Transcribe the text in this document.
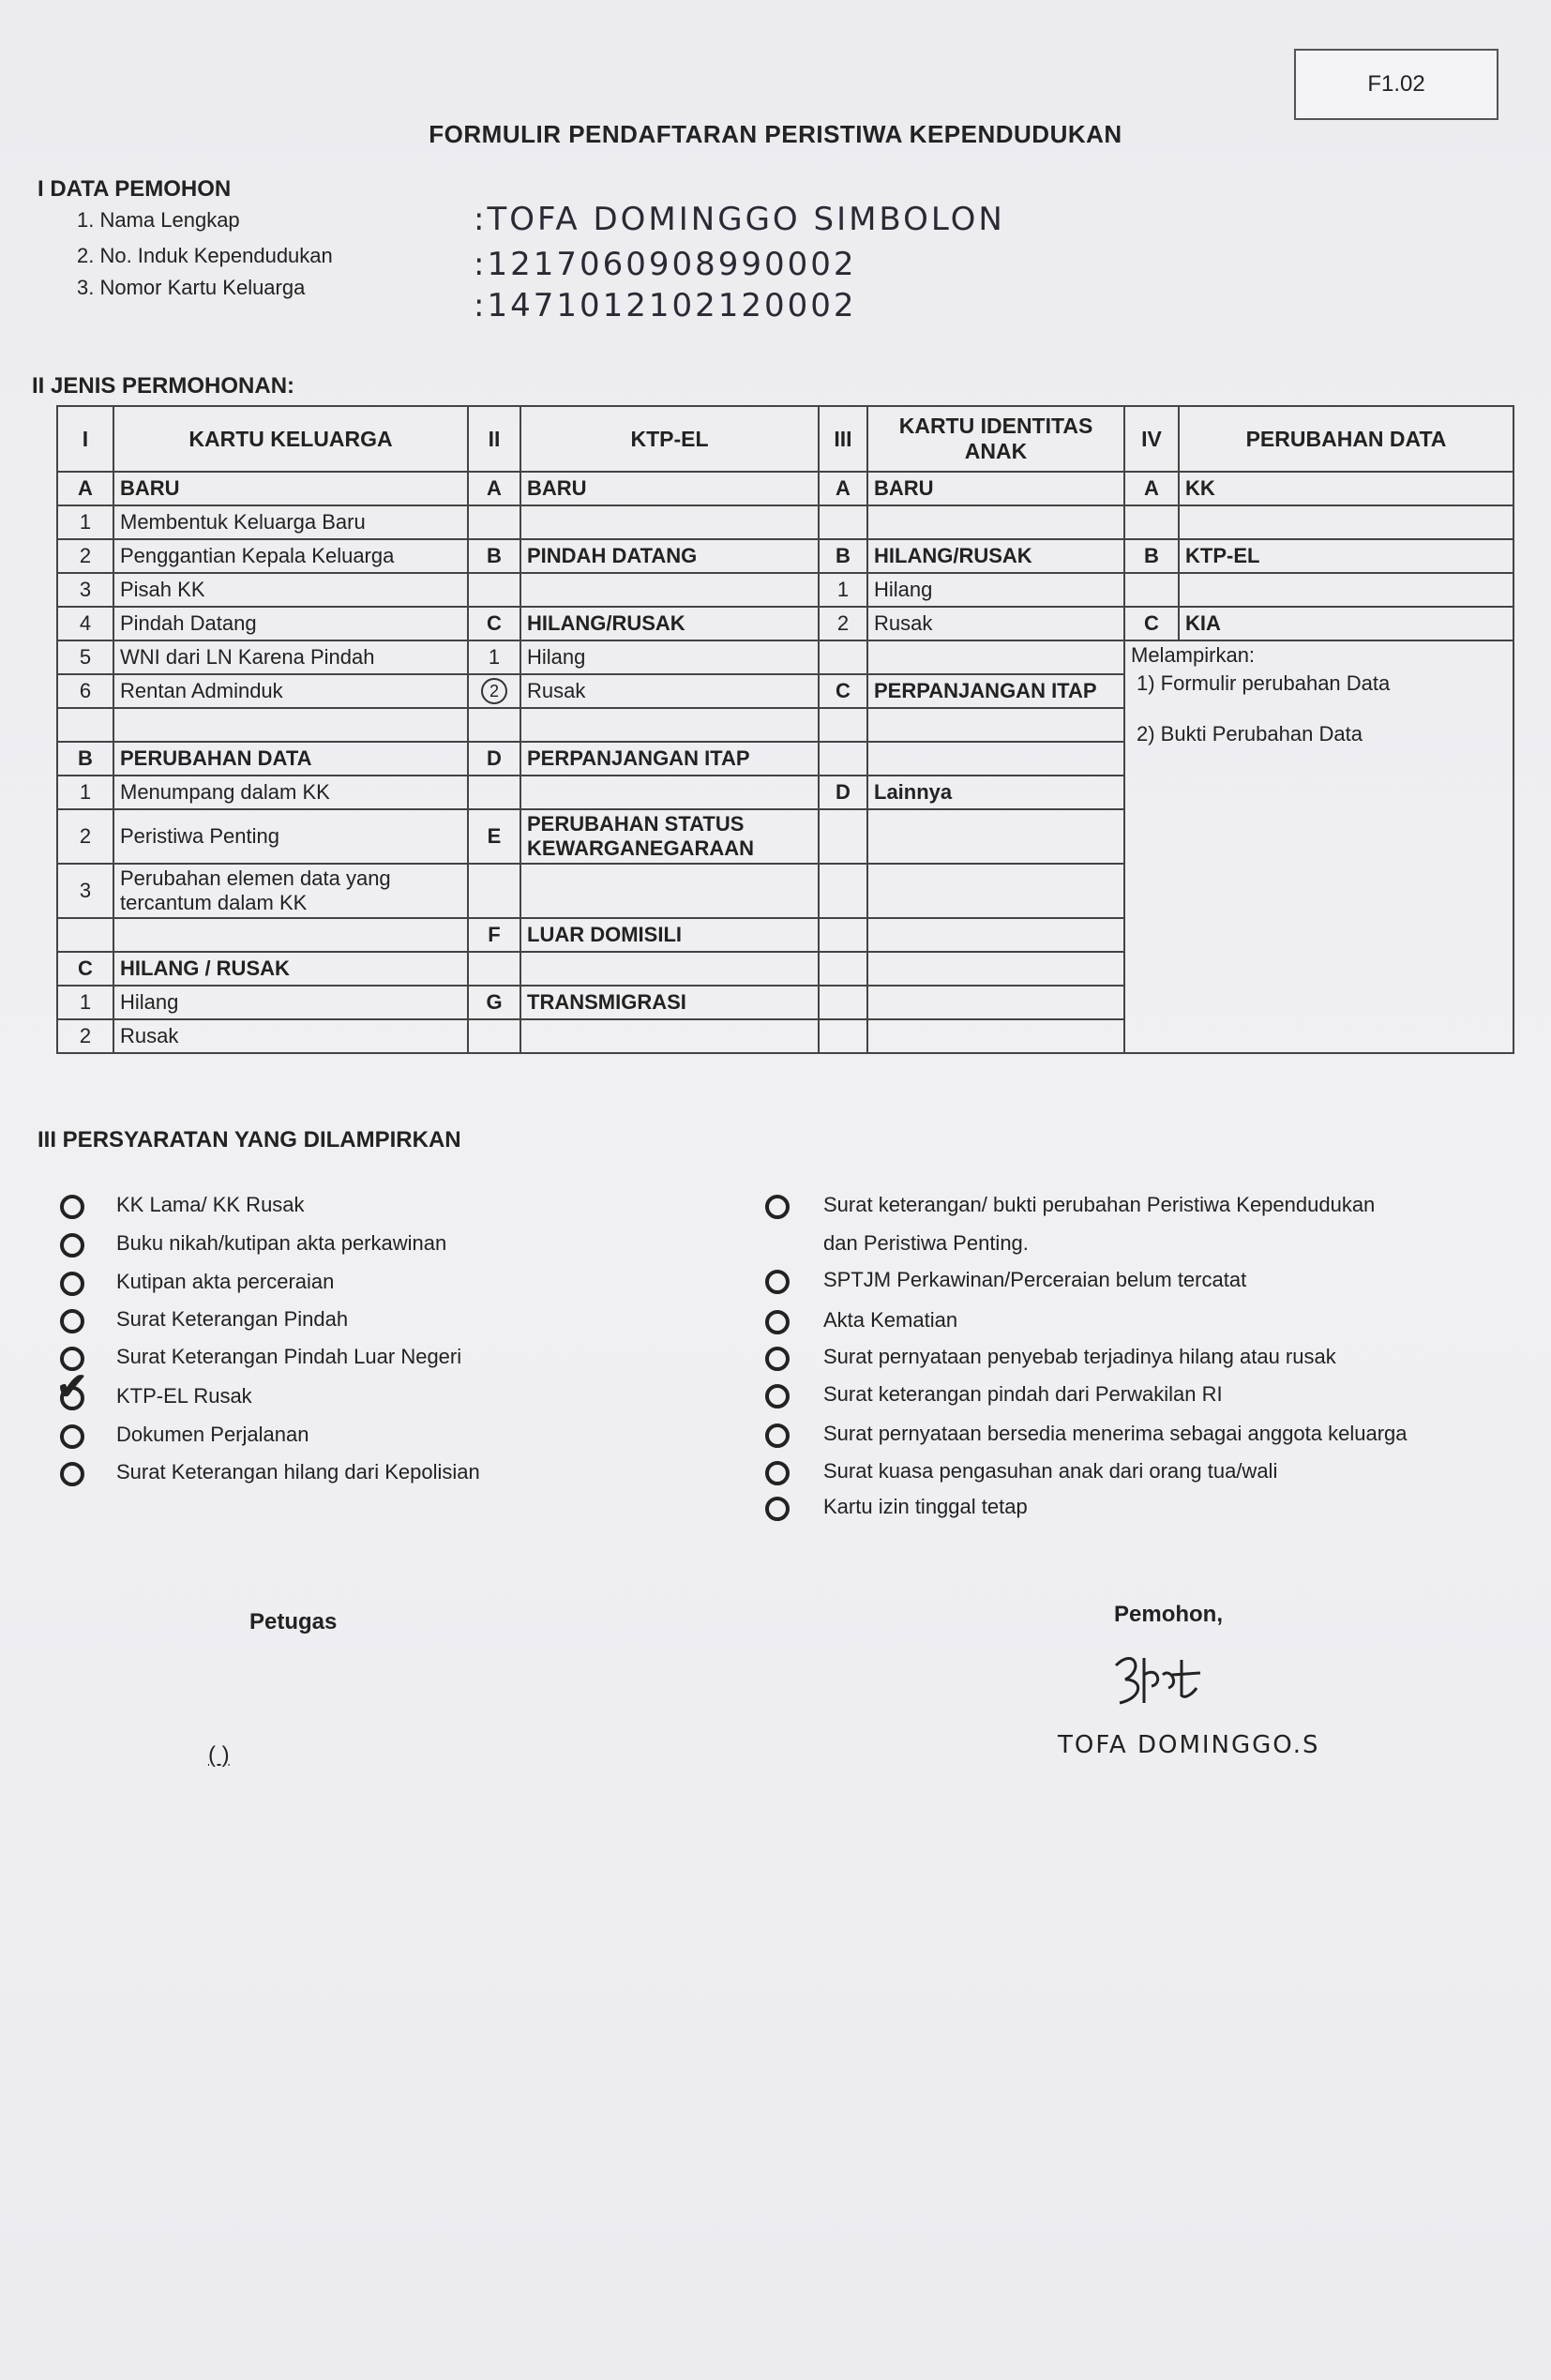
F1.02
FORMULIR PENDAFTARAN PERISTIWA KEPENDUDUKAN
I DATA PEMOHON
1. Nama Lengkap	:TOFA DOMINGGO SIMBOLON
2. No. Induk Kependudukan	:1217060908990002
3. Nomor Kartu Keluarga	:1471012102120002
II JENIS PERMOHONAN:
I	KARTU KELUARGA	II	KTP-EL	III	KARTU IDENTITAS ANAK	IV	PERUBAHAN DATA
A	BARU	A	BARU	A	BARU	A	KK
1	Membentuk Keluarga Baru						
2	Penggantian Kepala Keluarga	B	PINDAH DATANG	B	HILANG/RUSAK	B	KTP-EL
3	Pisah KK			1	Hilang		
4	Pindah Datang	C	HILANG/RUSAK	2	Rusak	C	KIA
5	WNI dari LN Karena Pindah	1	Hilang			Melampirkan:
1) Formulir perubahan Data
2) Bukti Perubahan Data	

6	Rentan Adminduk	2	Rusak	C	PERPANJANGAN ITAP		

B	PERUBAHAN DATA	D	PERPANJANGAN ITAP				
1	Menumpang dalam KK			D	Lainnya		
2	Peristiwa Penting	E	PERUBAHAN STATUS KEWARGANEGARAAN				
3	Perubahan elemen data yang tercantum dalam KK						
		F	LUAR DOMISILI				
C	HILANG / RUSAK						
1	Hilang	G	TRANSMIGRASI				
2	Rusak						
III PERSYARATAN YANG DILAMPIRKAN
KK Lama/ KK Rusak
Buku nikah/kutipan akta perkawinan
Kutipan akta perceraian
Surat Keterangan Pindah
Surat Keterangan Pindah Luar Negeri
KTP-EL Rusak
Dokumen Perjalanan
Surat Keterangan hilang dari Kepolisian
✔
Surat keterangan/ bukti perubahan Peristiwa Kependudukan
dan Peristiwa Penting.
SPTJM Perkawinan/Perceraian belum tercatat
Akta Kematian
Surat pernyataan penyebab terjadinya hilang atau rusak
Surat keterangan pindah dari Perwakilan RI
Surat pernyataan bersedia menerima sebagai anggota keluarga
Surat kuasa pengasuhan anak dari orang tua/wali
Kartu izin tinggal tetap
Petugas
( )
Pemohon,
TOFA DOMINGGO.S
